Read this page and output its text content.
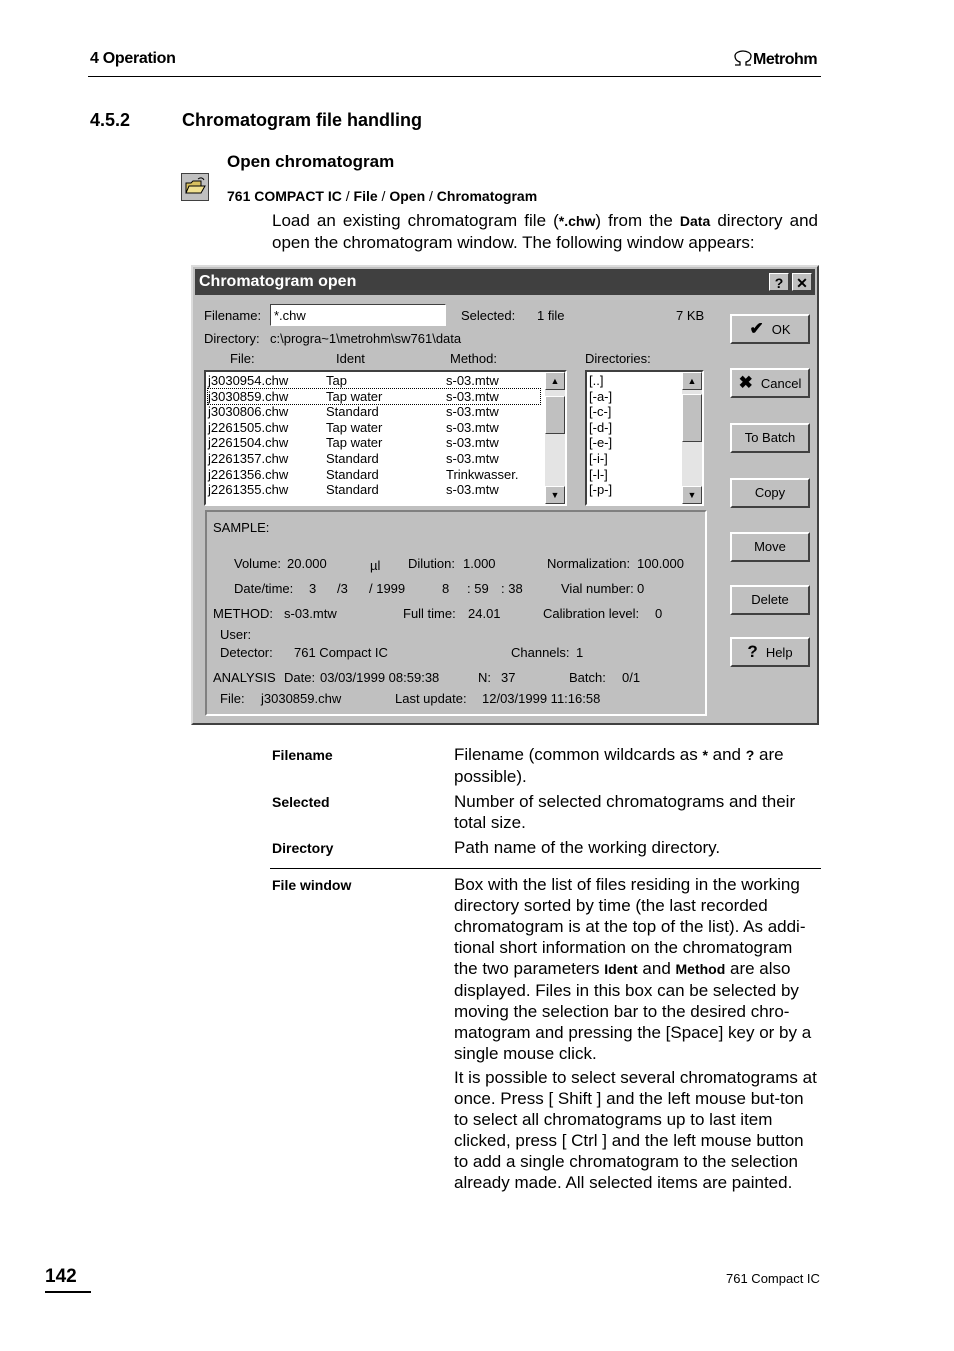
4 Operation	Metrohm
4.5.2	Chromatogram file handling
Open chromatogram
761 COMPACT IC / File / Open / Chromatogram
Load an existing chromatogram file (*.chw) from the Data directory and open the chromatogram window. The following window appears:
Chromatogram open	? ✕
Filename:
*.chw	Selected: 1 file	7 KB
Directory: c:\progra~1\metrohm\sw761\data
File:	Ident	Method:	Directories:
j3030954.chw	Tap	s-03.mtw
j3030859.chw	Tap water	s-03.mtw
j3030806.chw	Standard	s-03.mtw
j2261505.chw	Tap water	s-03.mtw
j2261504.chw	Tap water	s-03.mtw
j2261357.chw	Standard	s-03.mtw
j2261356.chw	Standard	Trinkwasser.
j2261355.chw	Standard	s-03.mtw
▲
▼
[..]
[-a-]
[-c-]
[-d-]
[-e-]
[-i-]
[-l-]
[-p-]
▲
▼
SAMPLE:
Volume: 20.000	µl Dilution: 1.000	Normalization: 100.000
Date/time: 3 /3 / 1999	8 : 59 : 38	Vial number: 0
METHOD: s-03.mtw	Full time: 24.01	Calibration level: 0
User:
Detector: 761 Compact IC	Channels: 1
ANALYSIS Date: 03/03/1999 08:59:38	N: 37	Batch: 0/1
File: j3030859.chw	Last update: 12/03/1999 11:16:58
✔ OK
✖ Cancel
To Batch
Copy
Move
Delete
? Help
Filename	Filename (common wildcards as * and ? are possible).
Selected	Number of selected chromatograms and their total size.
Directory	Path name of the working directory.
File window	Box with the list of files residing in the working directory sorted by time (the last recorded chromatogram is at the top of the list). As addi-tional short information on the chromatogram the two parameters Ident and Method are also displayed. Files in this box can be selected by moving the selection bar to the desired chro-matogram and pressing the [Space] key or by a single mouse click.
It is possible to select several chromatograms at once. Press [ Shift ] and the left mouse but-ton to select all chromatograms up to last item clicked, press [ Ctrl ] and the left mouse button to add a single chromatogram to the selection already made. All selected items are painted.
142	761 Compact IC
